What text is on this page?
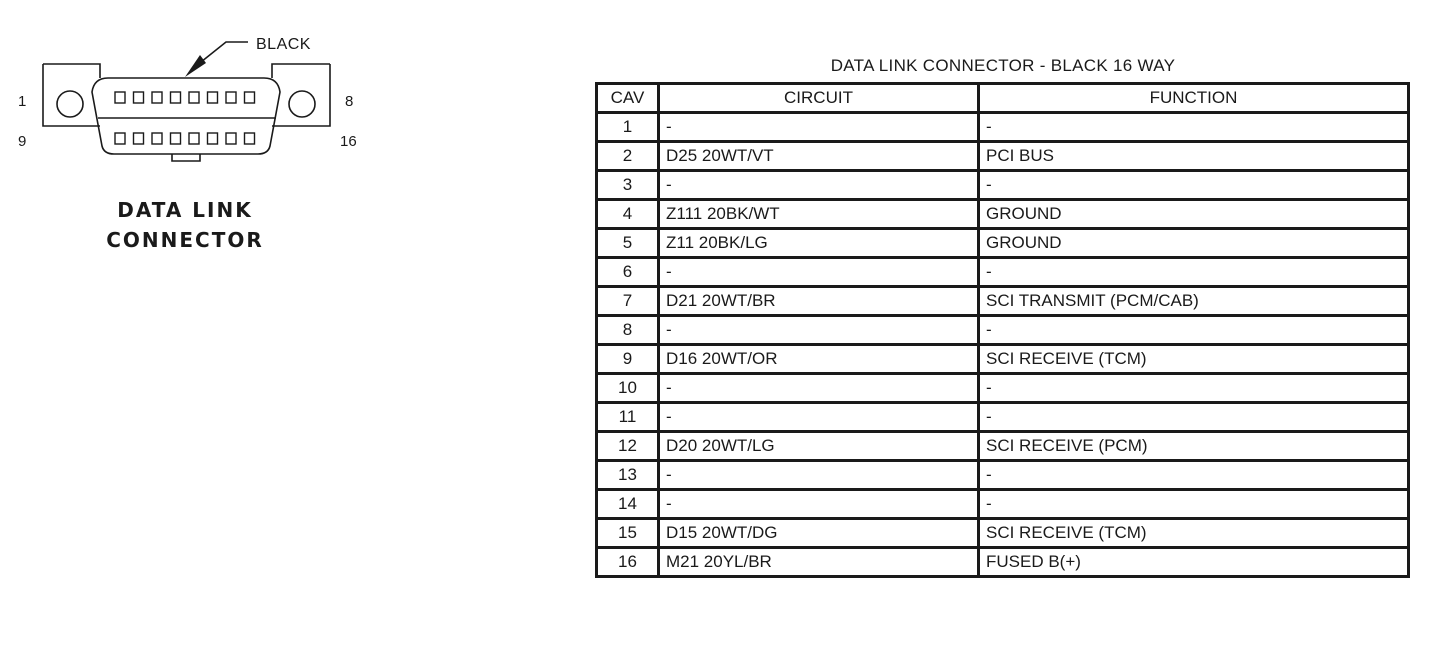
BLACK
1	8
9	16
DATA LINK
CONNECTOR
DATA LINK CONNECTOR - BLACK 16 WAY
CAV	CIRCUIT	FUNCTION
1	-	-
2	D25 20WT/VT	PCI BUS
3	-	-
4	Z111 20BK/WT	GROUND
5	Z11 20BK/LG	GROUND
6	-	-
7	D21 20WT/BR	SCI TRANSMIT (PCM/CAB)
8	-	-
9	D16 20WT/OR	SCI RECEIVE (TCM)
10	-	-
11	-	-
12	D20 20WT/LG	SCI RECEIVE (PCM)
13	-	-
14	-	-
15	D15 20WT/DG	SCI RECEIVE (TCM)
16	M21 20YL/BR	FUSED B(+)
